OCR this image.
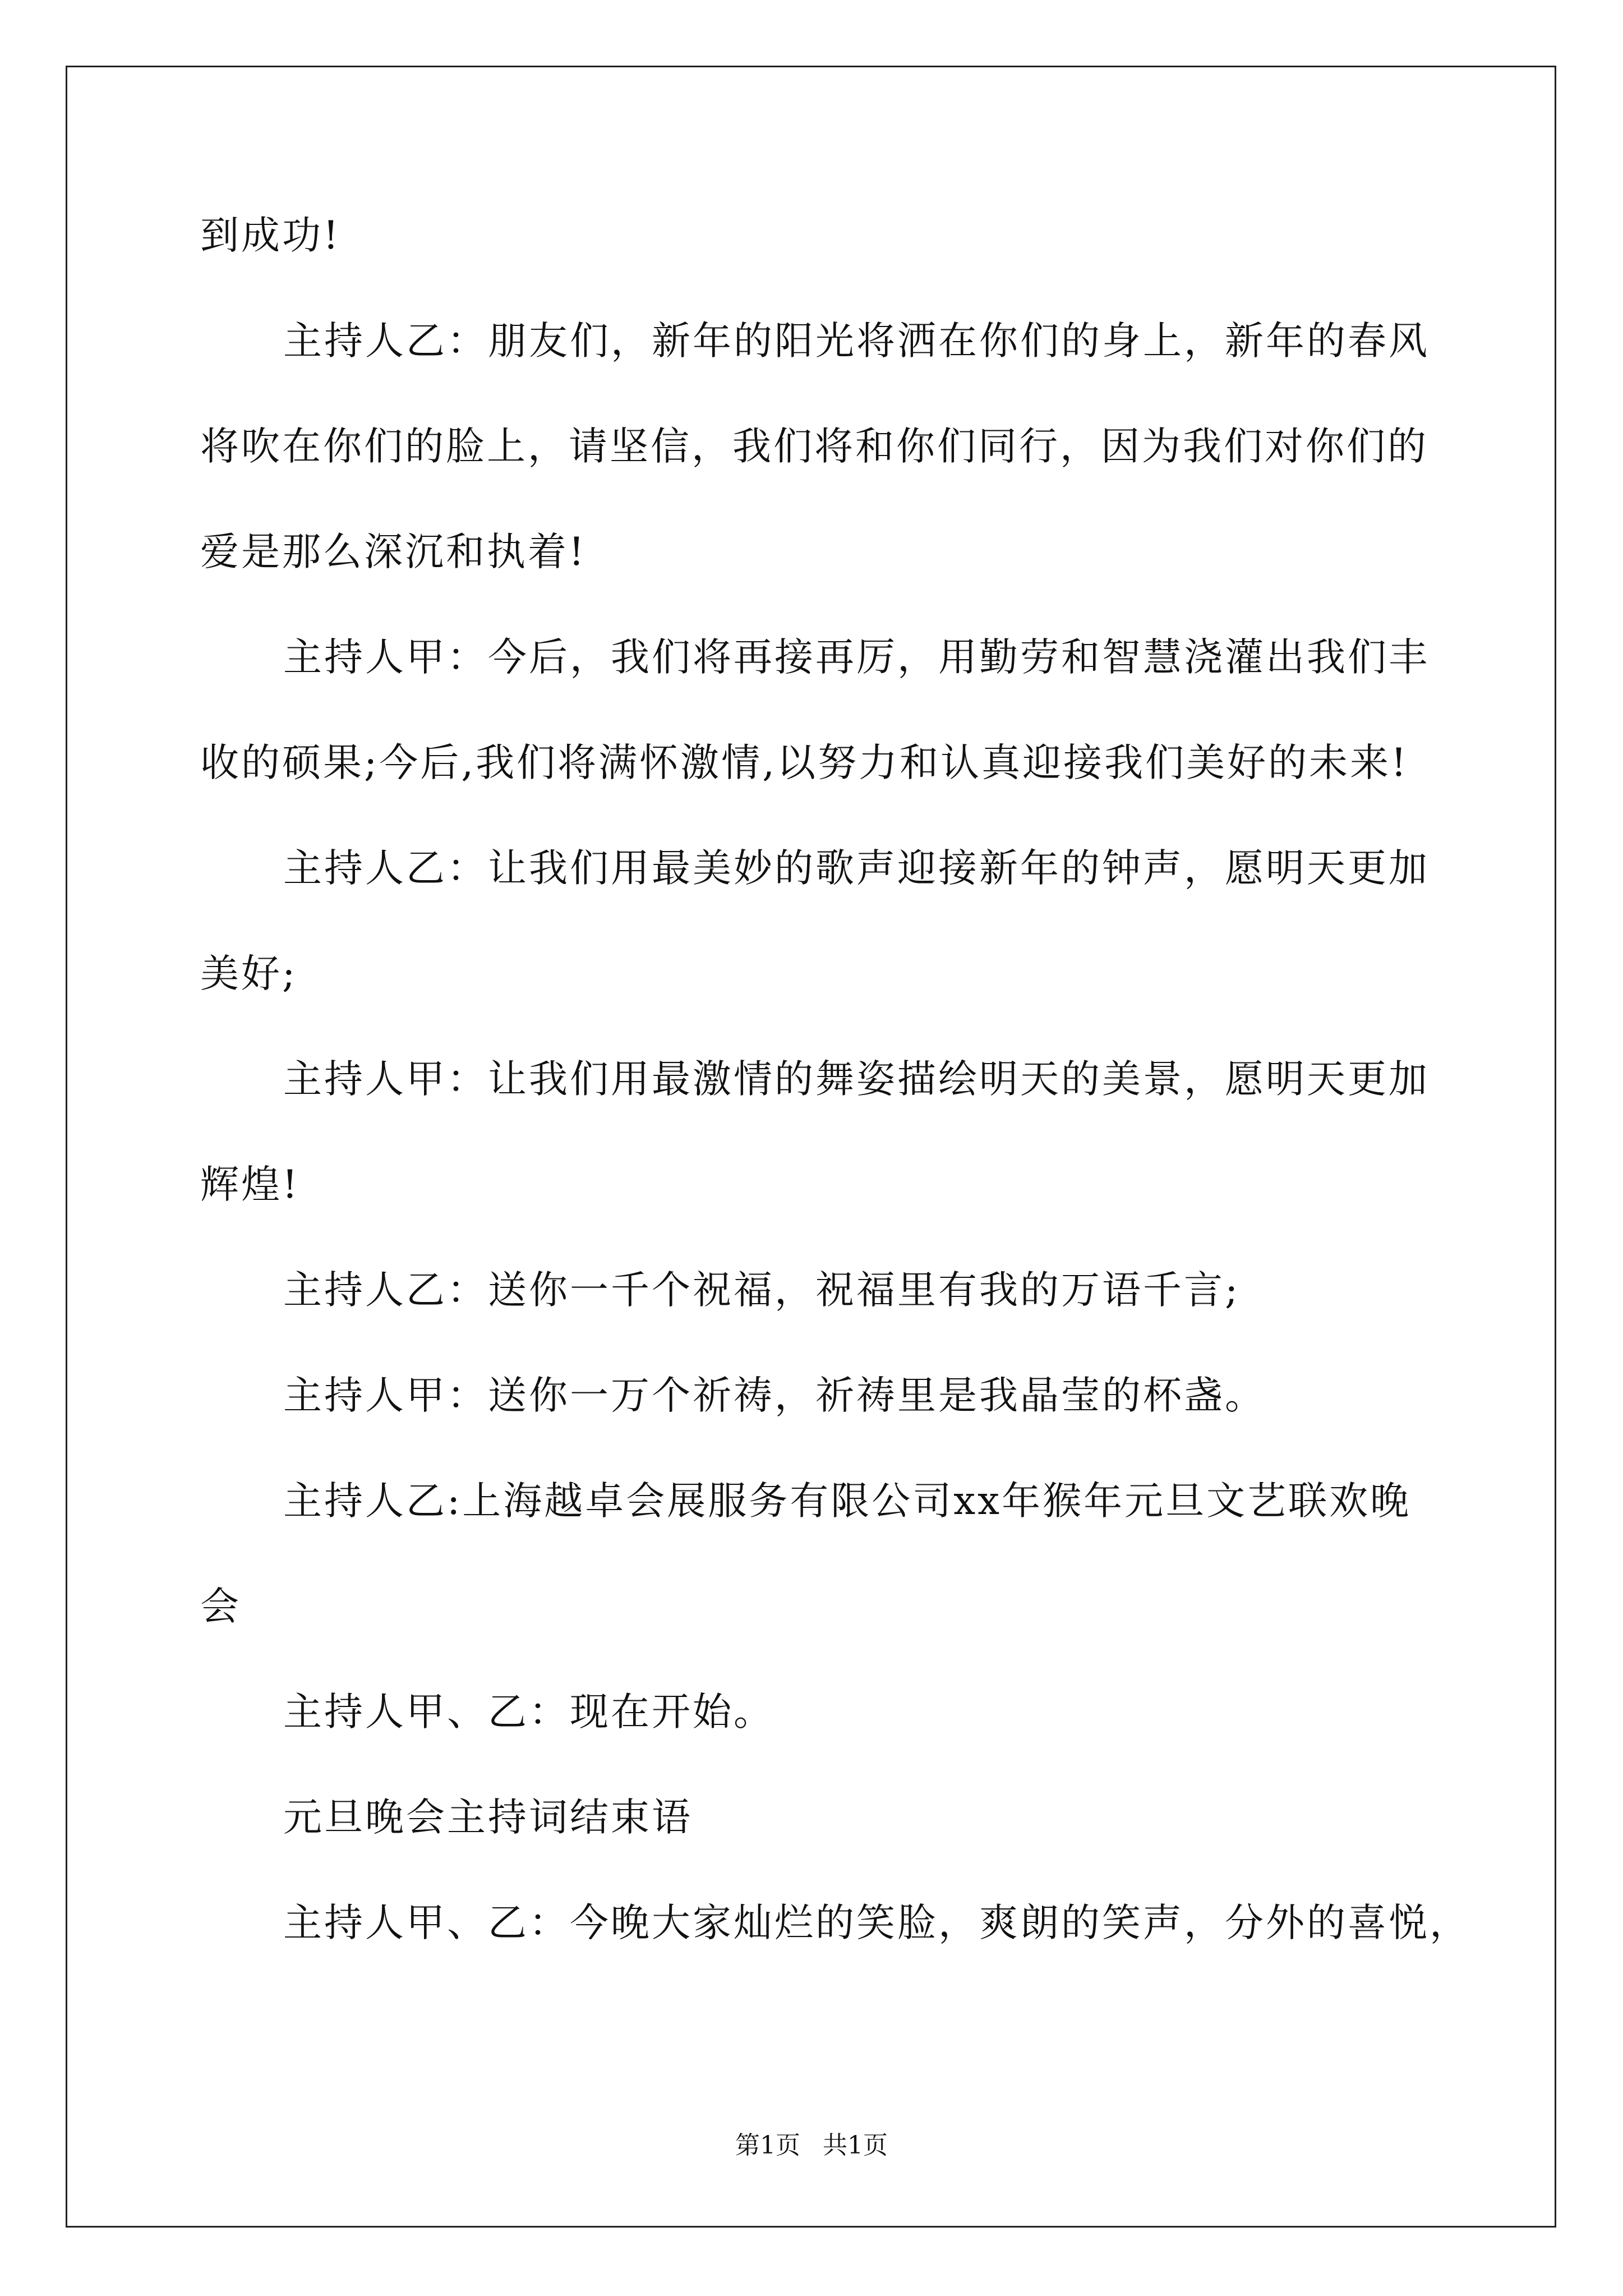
到成功!
主持人乙：朋友们，新年的阳光将洒在你们的身上，新年的春风
将吹在你们的脸上，请坚信，我们将和你们同行，因为我们对你们的
爱是那么深沉和执着!
主持人甲：今后，我们将再接再厉，用勤劳和智慧浇灌出我们丰
收的硕果;今后,我们将满怀激情,以努力和认真迎接我们美好的未来!
主持人乙：让我们用最美妙的歌声迎接新年的钟声，愿明天更加
美好;
主持人甲：让我们用最激情的舞姿描绘明天的美景，愿明天更加
辉煌!
主持人乙：送你一千个祝福，祝福里有我的万语千言;
主持人甲：送你一万个祈祷，祈祷里是我晶莹的杯盏。
主持人乙:上海越卓会展服务有限公司xx年猴年元旦文艺联欢晚
会
主持人甲、乙：现在开始。
元旦晚会主持词结束语
主持人甲、乙：今晚大家灿烂的笑脸，爽朗的笑声，分外的喜悦，
第1页 共1页
